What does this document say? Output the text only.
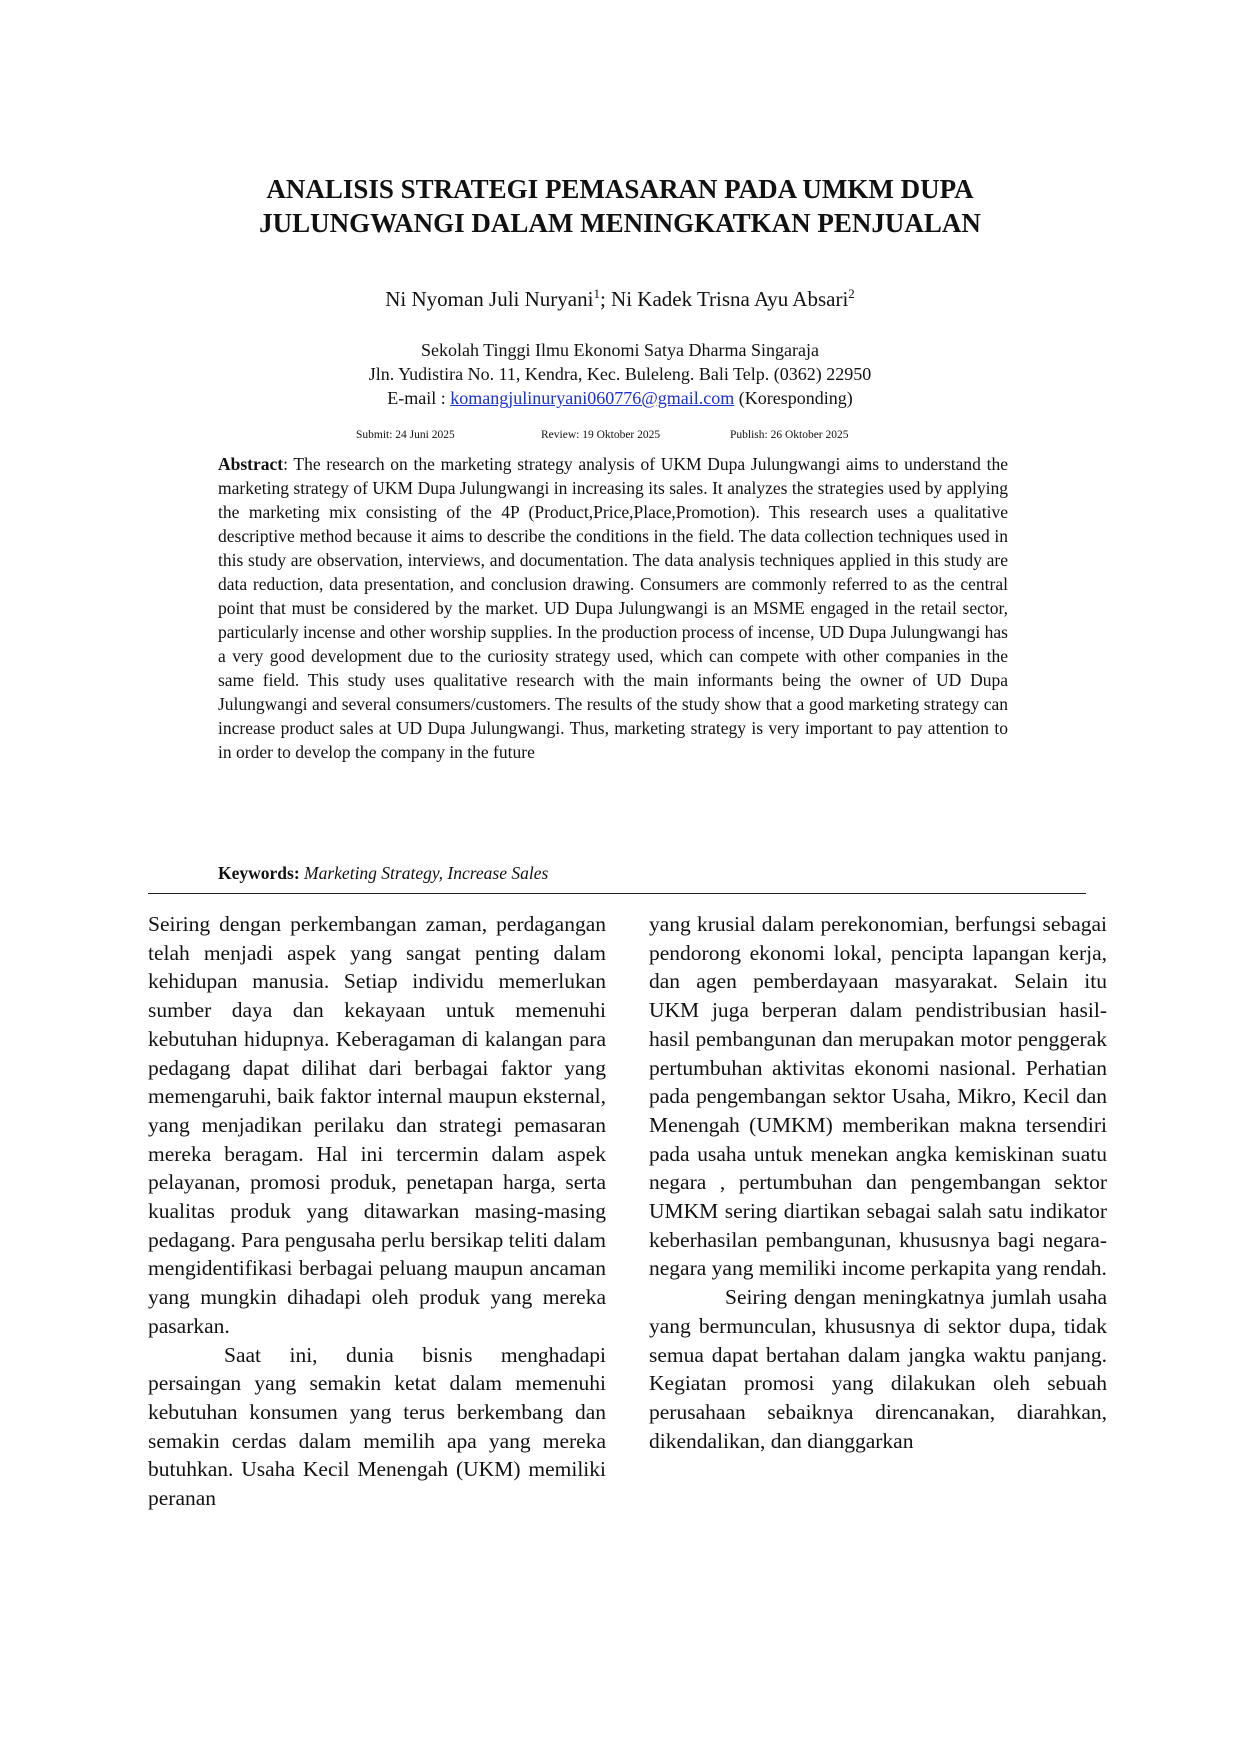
ANALISIS STRATEGI PEMASARAN PADA UMKM DUPA
JULUNGWANGI DALAM MENINGKATKAN PENJUALAN
Ni Nyoman Juli Nuryani$^1$; Ni Kadek Trisna Ayu Absari$^2$
Sekolah Tinggi Ilmu Ekonomi Satya Dharma Singaraja
Jln. Yudistira No. 11, Kendra, Kec. Buleleng. Bali Telp. (0362) 22950
E-mail : komangjulinuryani060776@gmail.com (Koresponding)
Submit: 24 Juni 2025	Review: 19 Oktober 2025	Publish: 26 Oktober 2025

Abstract: The research on the marketing strategy analysis of UKM Dupa Julungwangi aims to understand the marketing strategy of UKM Dupa Julungwangi in increasing its sales. It analyzes the strategies used by applying the marketing mix consisting of the 4P (Product,Price,Place,Promotion). This research uses a qualitative descriptive method because it aims to describe the conditions in the field. The data collection techniques used in this study are observation, interviews, and documentation. The data analysis techniques applied in this study are data reduction, data presentation, and conclusion drawing. Consumers are commonly referred to as the central point that must be considered by the market. UD Dupa Julungwangi is an MSME engaged in the retail sector, particularly incense and other worship supplies. In the production process of incense, UD Dupa Julungwangi has a very good development due to the curiosity strategy used, which can compete with other companies in the same field. This study uses qualitative research with the main informants being the owner of UD Dupa Julungwangi and several consumers/customers. The results of the study show that a good marketing strategy can increase product sales at UD Dupa Julungwangi. Thus, marketing strategy is very important to pay attention to in order to develop the company in the future

Keywords: Marketing Strategy, Increase Sales

Seiring dengan perkembangan zaman, perdagangan telah menjadi aspek yang sangat penting dalam kehidupan manusia. Setiap individu memerlukan sumber daya dan kekayaan untuk memenuhi kebutuhan hidupnya. Keberagaman di kalangan para pedagang dapat dilihat dari berbagai faktor yang memengaruhi, baik faktor internal maupun eksternal, yang menjadikan perilaku dan strategi pemasaran mereka beragam. Hal ini tercermin dalam aspek pelayanan, promosi produk, penetapan harga, serta kualitas produk yang ditawarkan masing-masing pedagang. Para pengusaha perlu bersikap teliti dalam mengidentifikasi berbagai peluang maupun ancaman yang mungkin dihadapi oleh produk yang mereka pasarkan.

Saat ini, dunia bisnis menghadapi persaingan yang semakin ketat dalam memenuhi kebutuhan konsumen yang terus berkembang dan semakin cerdas dalam memilih apa yang mereka butuhkan. Usaha Kecil Menengah (UKM) memiliki peranan

yang krusial dalam perekonomian, berfungsi sebagai pendorong ekonomi lokal, pencipta lapangan kerja, dan agen pemberdayaan masyarakat. Selain itu UKM juga berperan dalam pendistribusian hasil-hasil pembangunan dan merupakan motor penggerak pertumbuhan aktivitas ekonomi nasional. Perhatian pada pengembangan sektor Usaha, Mikro, Kecil dan Menengah (UMKM) memberikan makna tersendiri pada usaha untuk menekan angka kemiskinan suatu negara , pertumbuhan dan pengembangan sektor UMKM sering diartikan sebagai salah satu indikator keberhasilan pembangunan, khususnya bagi negara-negara yang memiliki income perkapita yang rendah.

Seiring dengan meningkatnya jumlah usaha yang bermunculan, khususnya di sektor dupa, tidak semua dapat bertahan dalam jangka waktu panjang. Kegiatan promosi yang dilakukan oleh sebuah perusahaan sebaiknya direncanakan, diarahkan, dikendalikan, dan dianggarkan
